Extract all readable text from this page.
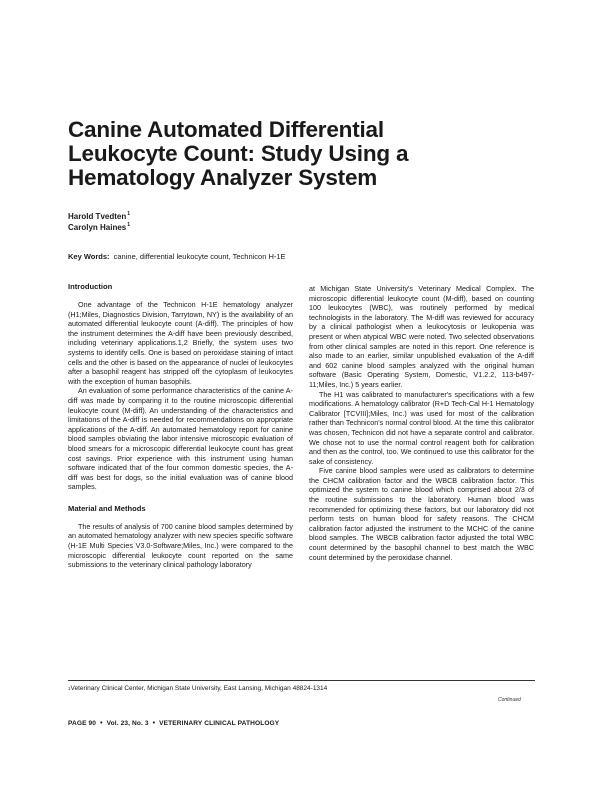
Canine Automated Differential
Leukocyte Count: Study Using a
Hematology Analyzer System
Harold Tvedten 1
Carolyn Haines 1
Key Words: canine, differential leukocyte count, Technicon H-1E
Introduction

One advantage of the Technicon H-1E hematology analyzer (H1;Miles, Diagnostics Division, Tarrytown, NY) is the availability of an automated differential leukocyte count (A-diff). The principles of how the instrument determines the A-diff have been previously described, including veterinary applications.1,2 Briefly, the system uses two systems to identify cells. One is based on peroxidase staining of intact cells and the other is based on the appearance of nuclei of leukocytes after a basophil reagent has stripped off the cytoplasm of leukocytes with the exception of human basophils.

An evaluation of some performance characteristics of the canine A-diff was made by comparing it to the routine microscopic differential leukocyte count (M-diff). An understanding of the characteristics and limitations of the A-diff is needed for recommendations on appropriate applications of the A-diff. An automated hematology report for canine blood samples obviating the labor intensive microscopic evaluation of blood smears for a microscopic differential leukocyte count has great cost savings. Prior experience with this instrument using human software indicated that of the four common domestic species, the A-diff was best for dogs, so the initial evaluation was of canine blood samples.

Material and Methods

The results of analysis of 700 canine blood samples determined by an automated hematology analyzer with new species specific software (H-1E Multi Species V3.0-Software;Miles, Inc.) were compared to the microscopic differential leukocyte count reported on the same submissions to the veterinary clinical pathology laboratory

at Michigan State University's Veterinary Medical Complex. The microscopic differential leukocyte count (M-diff), based on counting 100 leukocytes (WBC), was routinely performed by medical technologists in the laboratory. The M-diff was reviewed for accuracy by a clinical pathologist when a leukocytosis or leukopenia was present or when atypical WBC were noted. Two selected observations from other clinical samples are noted in this report. One reference is also made to an earlier, similar unpublished evaluation of the A-diff and 602 canine blood samples analyzed with the original human software (Basic Operating System, Domestic, V1.2.2, 113-b497-11;Miles, Inc.) 5 years earlier.

The H1 was calibrated to manufacturer's specifications with a few modifications. A hematology calibrator (R+D Tech-Cal H-1 Hematology Calibrator [TCVIII];Miles, Inc.) was used for most of the calibration rather than Technicon's normal control blood. At the time this calibrator was chosen, Technicon did not have a separate control and calibrator. We chose not to use the normal control reagent both for calibration and then as the control, too. We continued to use this calibrator for the sake of consistency.

Five canine blood samples were used as calibrators to determine the CHCM calibration factor and the WBCB calibration factor. This optimized the system to canine blood which comprised about 2/3 of the routine submissions to the laboratory. Human blood was recommended for optimizing these factors, but our laboratory did not perform tests on human blood for safety reasons. The CHCM calibration factor adjusted the instrument to the MCHC of the canine blood samples. The WBCB calibration factor adjusted the total WBC count determined by the basophil channel to best match the WBC count determined by the peroxidase channel.

$^1$Veterinary Clinical Center, Michigan State University, East Lansing, Michigan 48824-1314
Continued
PAGE 90 • Vol. 23, No. 3 • VETERINARY CLINICAL PATHOLOGY
